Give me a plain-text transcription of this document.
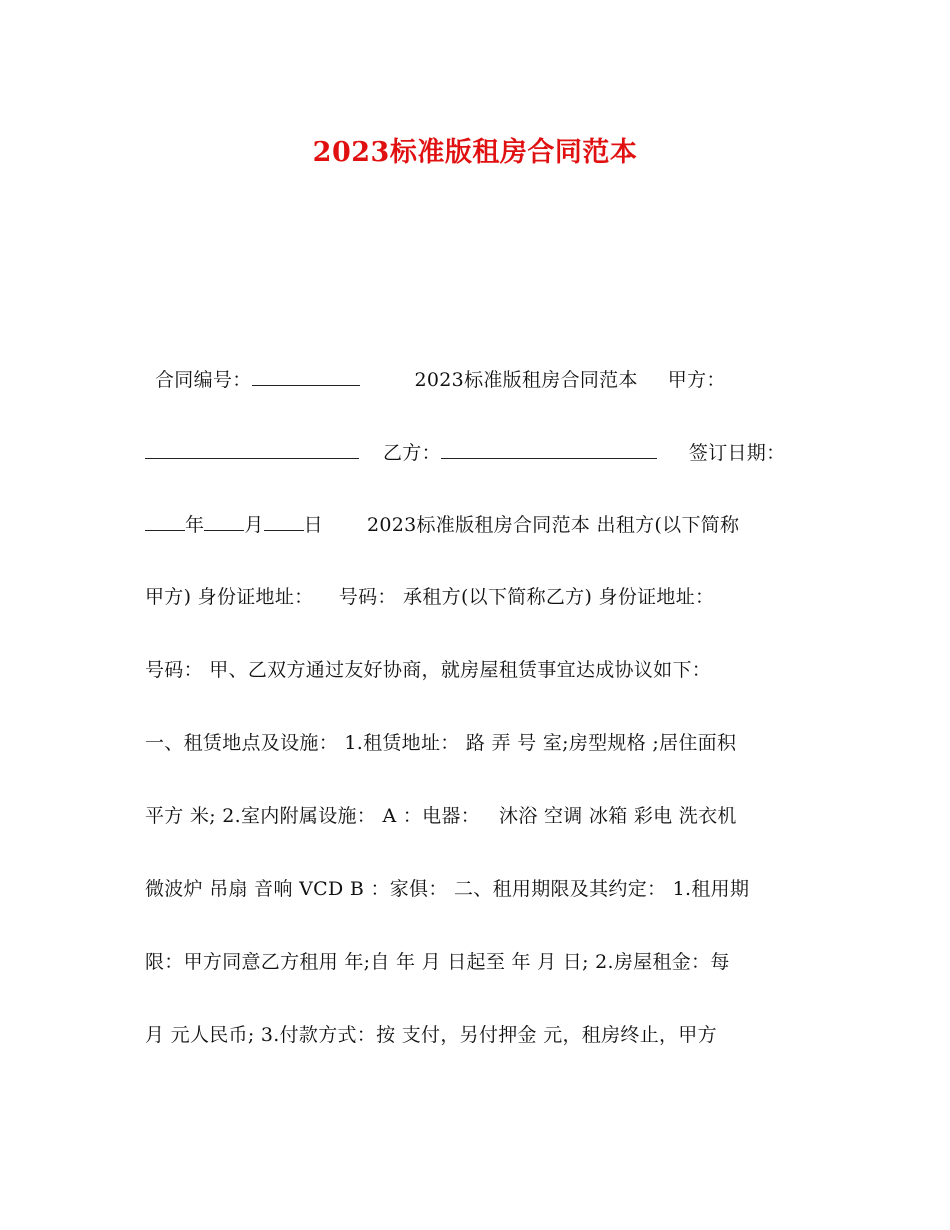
2023标准版租房合同范本
合同编号：	2023标准版租房合同范本 甲方：
乙方：	签订日期：
年 月 日 2023标准版租房合同范本 出租方(以下简称
甲方) 身份证地址：    号码： 承租方(以下简称乙方) 身份证地址：
号码： 甲、乙双方通过友好协商，就房屋租赁事宜达成协议如下：
一、租赁地点及设施： 1.租赁地址： 路 弄 号 室;房型规格 ;居住面积
平方 米; 2.室内附属设施： A ：电器：   沐浴 空调 冰箱 彩电 洗衣机
微波炉 吊扇 音响 VCD B ：家俱： 二、租用期限及其约定： 1.租用期
限：甲方同意乙方租用 年;自 年 月 日起至 年 月 日; 2.房屋租金：每
月 元人民币; 3.付款方式：按 支付，另付押金 元，租房终止，甲方
